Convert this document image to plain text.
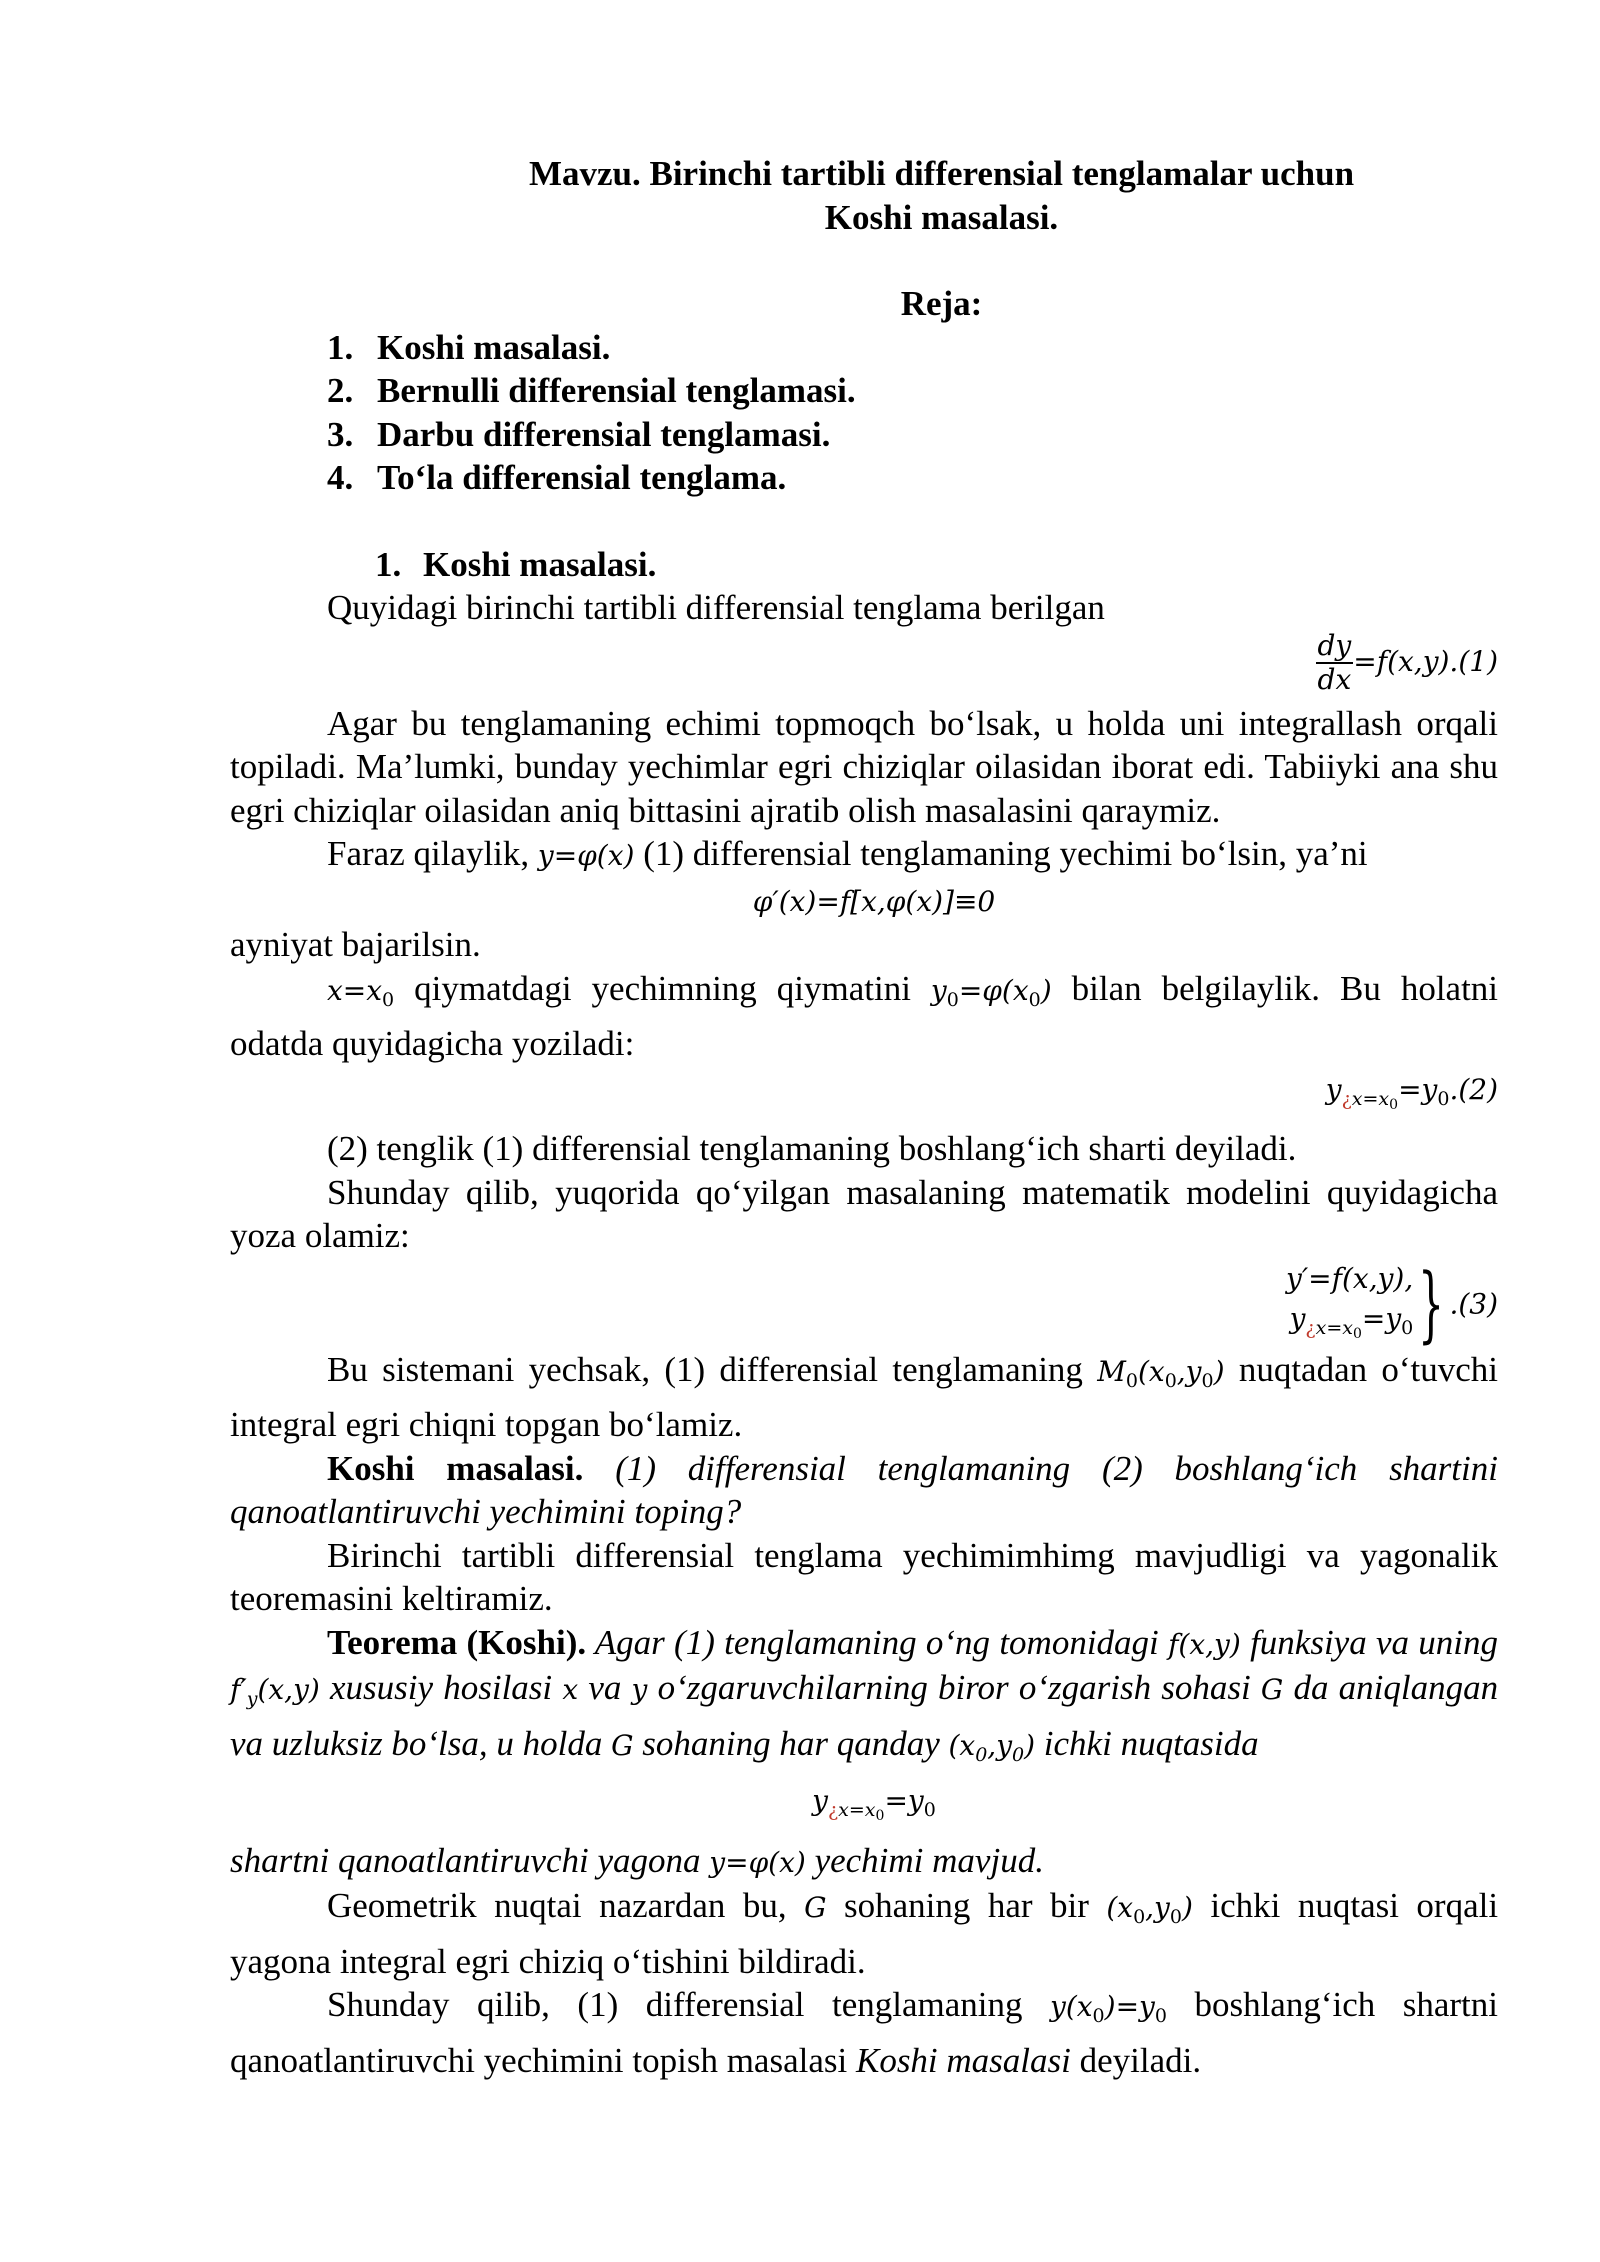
Mavzu. Birinchi tartibli differensial tenglamalar uchun
Koshi masalasi.
Reja:
1. Koshi masalasi.
2. Bernulli differensial tenglamasi.
3. Darbu differensial tenglamasi.
4. To‘la differensial tenglama.
1. Koshi masalasi.
Quyidagi birinchi tartibli differensial tenglama berilgan
$\frac{dy}{dx} =f(x,y).(1)$
Agar bu tenglamaning echimi topmoqch bo‘lsak, u holda uni integrallash orqali topiladi. Ma’lumki, bunday yechimlar egri chiziqlar oilasidan iborat edi. Tabiiyki ana shu egri chiziqlar oilasidan aniq bittasini ajratib olish masalasini qaraymiz.
Faraz qilaylik, y=φ(x) (1) differensial tenglamaning yechimi bo‘lsin, ya’ni
φ′(x)=f[x,φ(x)]≡0
ayniyat bajarilsin.
$x=x_0$ qiymatdagi yechimning qiymatini $y_0=\varphi(x_0)$ bilan belgilaylik. Bu holatni odatda quyidagicha yoziladi:
$y_{¿x=x0}=y_0.(2)$
(2) tenglik (1) differensial tenglamaning boshlang‘ich sharti deyiladi.
Shunday qilib, yuqorida qo‘yilgan masalaning matematik modelini quyidagicha yoza olamiz:
y′=f(x,y),
$y_{¿x=x0}=y_0$ } .(3)
Bu sistemani yechsak, (1) differensial tenglamaning $M_0(x_0,y_0)$ nuqtadan o‘tuvchi integral egri chiqni topgan bo‘lamiz.
Koshi masalasi. (1) differensial tenglamaning (2) boshlang‘ich shartini qanoatlantiruvchi yechimini toping?
Birinchi tartibli differensial tenglama yechimimhimg mavjudligi va yagonalik teoremasini keltiramiz.
Teorema (Koshi). Agar (1) tenglamaning o‘ng tomonidagi f(x,y) funksiya va uning $f'_y(x,y)$ xususiy hosilasi x va y o‘zgaruvchilarning biror o‘zgarish sohasi G da aniqlangan va uzluksiz bo‘lsa, u holda G sohaning har qanday $(x_0,y_0)$ ichki nuqtasida
$y_{¿x=x0}=y_0$
shartni qanoatlantiruvchi yagona y=φ(x) yechimi mavjud.
Geometrik nuqtai nazardan bu, G sohaning har bir $(x_0,y_0)$ ichki nuqtasi orqali yagona integral egri chiziq o‘tishini bildiradi.
Shunday qilib, (1) differensial tenglamaning $y(x_0)=y_0$ boshlang‘ich shartni qanoatlantiruvchi yechimini topish masalasi Koshi masalasi deyiladi.
